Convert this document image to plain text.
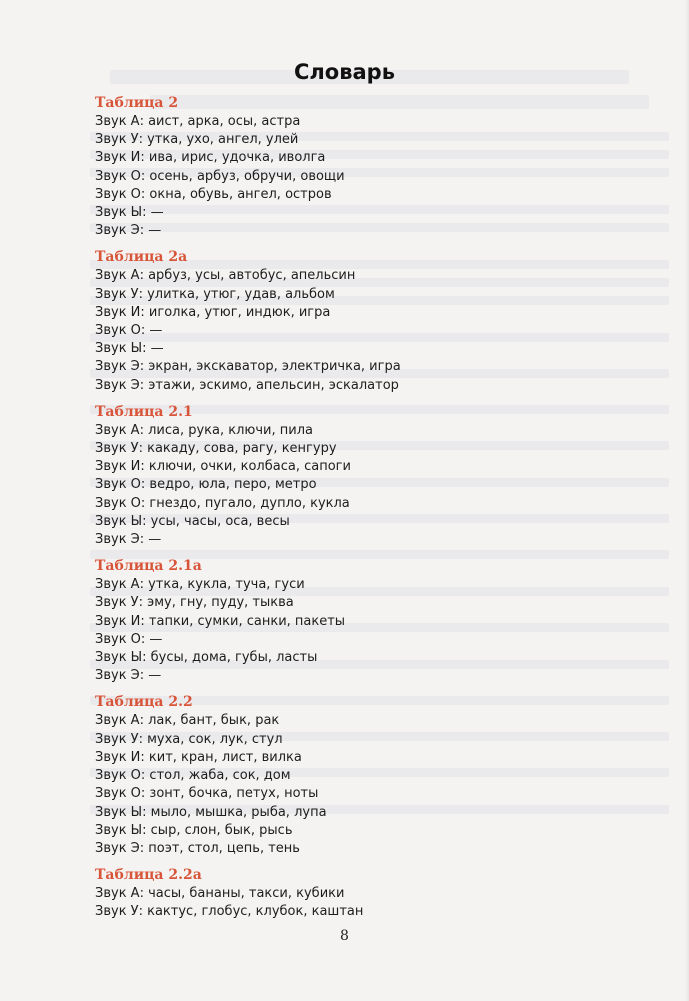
Словарь
Таблица 2
Звук А: аист, арка, осы, астра
Звук У: утка, ухо, ангел, улей
Звук И: ива, ирис, удочка, иволга
Звук О: осень, арбуз, обручи, овощи
Звук О: окна, обувь, ангел, остров
Звук Ы: —
Звук Э: —
Таблица 2а
Звук А: арбуз, усы, автобус, апельсин
Звук У: улитка, утюг, удав, альбом
Звук И: иголка, утюг, индюк, игра
Звук О: —
Звук Ы: —
Звук Э: экран, экскаватор, электричка, игра
Звук Э: этажи, эскимо, апельсин, эскалатор
Таблица 2.1
Звук А: лиса, рука, ключи, пила
Звук У: какаду, сова, рагу, кенгуру
Звук И: ключи, очки, колбаса, сапоги
Звук О: ведро, юла, перо, метро
Звук О: гнездо, пугало, дупло, кукла
Звук Ы: усы, часы, оса, весы
Звук Э: —
Таблица 2.1а
Звук А: утка, кукла, туча, гуси
Звук У: эму, гну, пуду, тыква
Звук И: тапки, сумки, санки, пакеты
Звук О: —
Звук Ы: бусы, дома, губы, ласты
Звук Э: —
Таблица 2.2
Звук А: лак, бант, бык, рак
Звук У: муха, сок, лук, стул
Звук И: кит, кран, лист, вилка
Звук О: стол, жаба, сок, дом
Звук О: зонт, бочка, петух, ноты
Звук Ы: мыло, мышка, рыба, лупа
Звук Ы: сыр, слон, бык, рысь
Звук Э: поэт, стол, цепь, тень
Таблица 2.2а
Звук А: часы, бананы, такси, кубики
Звук У: кактус, глобус, клубок, каштан
8
